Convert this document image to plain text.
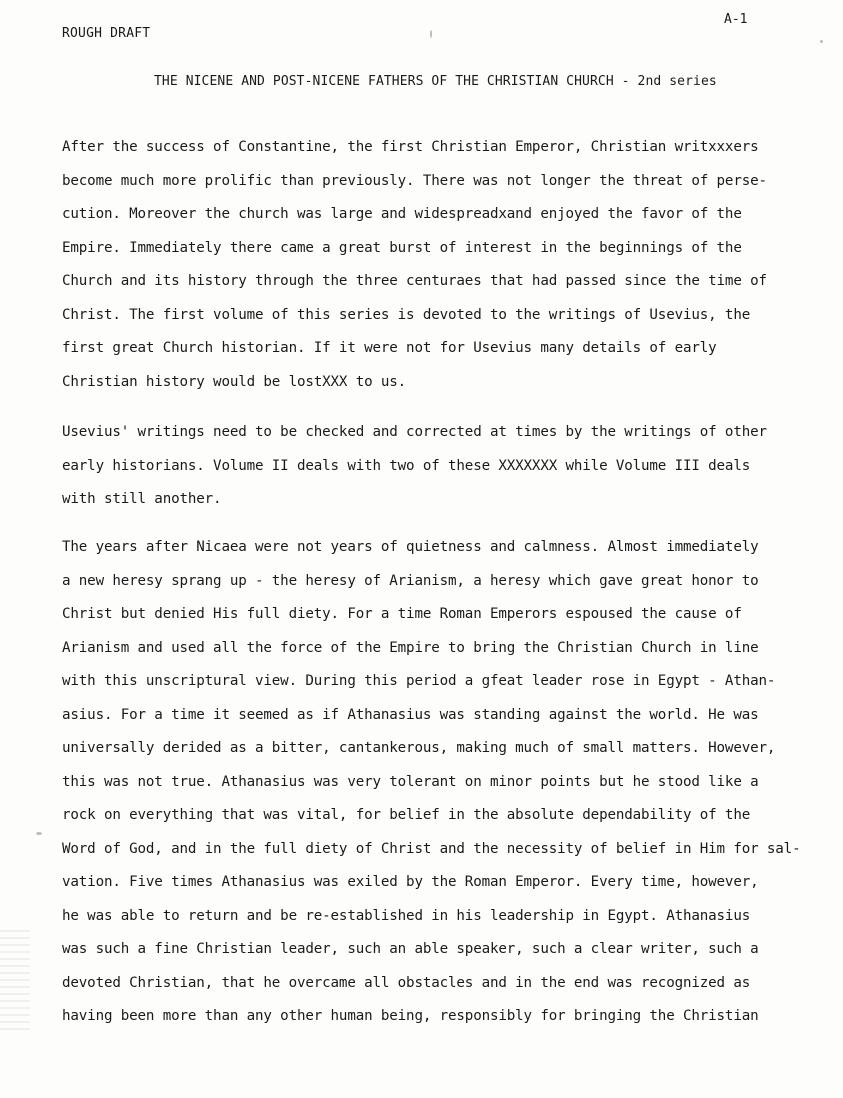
ROUGH DRAFT
A-1
THE NICENE AND POST-NICENE FATHERS OF THE CHRISTIAN CHURCH - 2nd series

After the success of Constantine, the first Christian Emperor, Christian writxxxers
become much more prolific than previously. There was not longer the threat of perse-
cution. Moreover the church was large and widespreadxand enjoyed the favor of the
Empire. Immediately there came a great burst of interest in the beginnings of the
Church and its history through the three centuraes that had passed since the time of
Christ. The first volume of this series is devoted to the writings of Usevius, the
first great Church historian. If it were not for Usevius many details of early
Christian history would be lostXXX to us.

Usevius' writings need to be checked and corrected at times by the writings of other
early historians. Volume II deals with two of these XXXXXXX while Volume III deals
with still another.

The years after Nicaea were not years of quietness and calmness. Almost immediately
a new heresy sprang up - the heresy of Arianism, a heresy which gave great honor to
Christ but denied His full diety. For a time Roman Emperors espoused the cause of
Arianism and used all the force of the Empire to bring the Christian Church in line
with this unscriptural view. During this period a gfeat leader rose in Egypt - Athan-
asius. For a time it seemed as if Athanasius was standing against the world. He was
universally derided as a bitter, cantankerous, making much of small matters. However,
this was not true. Athanasius was very tolerant on minor points but he stood like a
rock on everything that was vital, for belief in the absolute dependability of the
Word of God, and in the full diety of Christ and the necessity of belief in Him for sal-
vation. Five times Athanasius was exiled by the Roman Emperor. Every time, however,
he was able to return and be re-established in his leadership in Egypt. Athanasius
was such a fine Christian leader, such an able speaker, such a clear writer, such a
devoted Christian, that he overcame all obstacles and in the end was recognized as
having been more than any other human being, responsibly for bringing the Christian
